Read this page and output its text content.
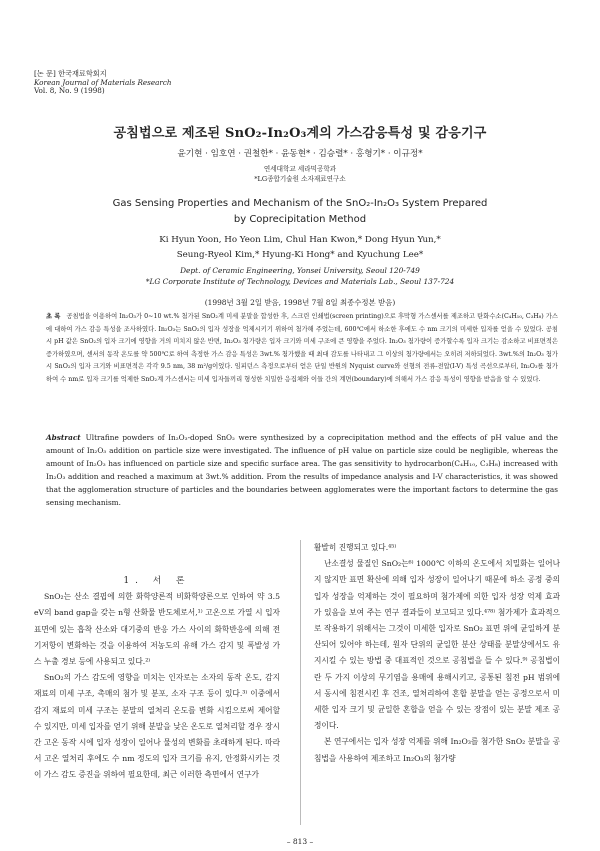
[논 문] 한국재료학회지
Korean Journal of Materials Research
Vol. 8, No. 9 (1998)
공침법으로 제조된 SnO₂-In₂O₃계의 가스감응특성 및 감응기구
윤기현 · 임호연 · 권철한* · 윤동현* · 김승렬* · 홍형기* · 이규정*
연세대학교 세라믹공학과
*LG종합기술원 소자재료연구소
Gas Sensing Properties and Mechanism of the SnO₂-In₂O₃ System Prepared
by Coprecipitation Method
Ki Hyun Yoon, Ho Yeon Lim, Chul Han Kwon,* Dong Hyun Yun,*
Seung-Ryeol Kim,* Hyung-Ki Hong* and Kyuchung Lee*
Dept. of Ceramic Engineering, Yonsei University, Seoul 120-749
*LG Corporate Institute of Technology, Devices and Materials Lab., Seoul 137-724
(1998년 3월 2일 받음, 1998년 7월 8일 최종수정본 받음)
초 록 공침법을 이용하여 In₂O₃가 0~10 wt.% 첨가된 SnO₂계 미세 분말을 합성한 후, 스크린 인쇄법(screen printing)으로 후막형 가스센서를 제조하고 탄화수소(C₄H₁₀, C₃H₈) 가스에 대하여 가스 감응 특성을 조사하였다. In₂O₃는 SnO₂의 입자 성장을 억제시키기 위하여 첨가해 주었는데, 600℃에서 하소한 후에도 수 nm 크기의 미세한 입자를 얻을 수 있었다. 공침시 pH 값은 SnO₂의 입자 크기에 영향을 거의 미치지 않은 반면, In₂O₃ 첨가량은 입자 크기와 미세 구조에 큰 영향을 주었다. In₂O₃ 첨가량이 증가할수록 입자 크기는 감소하고 비표면적은 증가하였으며, 센서의 동작 온도를 약 500℃로 하여 측정한 가스 감응 특성은 3wt.% 첨가했을 때 최대 감도를 나타내고 그 이상의 첨가량에서는 오히려 저하되었다. 3wt.%의 In₂O₃ 첨가시 SnO₂의 입자 크기와 비표면적은 각각 9.5 nm, 38 m²/g이었다. 임피던스 측정으로부터 얻은 단일 반원의 Nyquist curve와 선형의 전류-전압(I-V) 특성 곡선으로부터, In₂O₃를 첨가하여 수 nm로 입자 크기를 억제한 SnO₂계 가스센서는 미세 입자들끼리 형성한 치밀한 응집체와 이들 간의 계면(boundary)에 의해서 가스 감응 특성이 영향을 받음을 알 수 있었다.
Abstract Ultrafine powders of In₂O₃-doped SnO₂ were synthesized by a coprecipitation method and the effects of pH value and the amount of In₂O₃ addition on particle size were investigated. The influence of pH value on particle size could be negligible, whereas the amount of In₂O₃ has influenced on particle size and specific surface area. The gas sensitivity to hydrocarbon(C₄H₁₀, C₃H₈) increased with In₂O₃ addition and reached a maximum at 3wt.% addition. From the results of impedance analysis and I-V characteristics, it was showed that the agglomeration structure of particles and the boundaries between agglomerates were the important factors to determine the gas sensing mechanism.

1. 서 론

SnO₂는 산소 결핍에 의한 화학양론적 비화학양론으로 인하여 약 3.5 eV의 band gap을 갖는 n형 산화물 반도체로서,¹⁾ 고온으로 가열 시 입자 표면에 있는 흡착 산소와 대기중의 반응 가스 사이의 화학반응에 의해 전기저항이 변화하는 것을 이용하여 저농도의 유해 가스 감지 및 폭발성 가스 누출 경보 등에 사용되고 있다.²⁾

SnO₂의 가스 감도에 영향을 미치는 인자로는 소자의 동작 온도, 감지 재료의 미세 구조, 촉매의 첨가 및 분포, 소자 구조 등이 있다.³⁾ 이중에서 감지 재료의 미세 구조는 분말의 열처리 온도를 변화 시킴으로써 제어할 수 있지만, 미세 입자를 얻기 위해 분말을 낮은 온도로 열처리할 경우 장시간 고온 동작 시에 입자 성장이 일어나 물성의 변화를 초래하게 된다. 따라서 고온 열처리 후에도 수 nm 정도의 입자 크기를 유지, 안정화시키는 것이 가스 감도 증진을 위하여 필요한데, 최근 이러한 측면에서 연구가

활발히 진행되고 있다.⁴⁵⁾

난소결성 물질인 SnO₂는⁶⁾ 1000℃ 이하의 온도에서 치밀화는 일어나지 않지만 표면 확산에 의해 입자 성장이 일어나기 때문에 하소 공정 중의 입자 성장을 억제하는 것이 필요하며 첨가제에 의한 입자 성장 억제 효과가 있음을 보여 주는 연구 결과들이 보고되고 있다.⁴⁷⁸⁾ 첨가제가 효과적으로 작용하기 위해서는 그것이 미세한 입자로 SnO₂ 표면 위에 균일하게 분산되어 있어야 하는데, 원자 단위의 균일한 분산 상태를 분말상에서도 유지시킬 수 있는 방법 중 대표적인 것으로 공침법을 들 수 있다.⁹⁾ 공침법이란 두 가지 이상의 무기염을 용매에 용해시키고, 공통된 침전 pH 범위에서 동시에 침전시킨 후 건조, 열처리하여 혼합 분말을 얻는 공정으로서 미세한 입자 크기 및 균일한 혼합을 얻을 수 있는 장점이 있는 분말 제조 공정이다.

본 연구에서는 입자 성장 억제를 위해 In₂O₃를 첨가한 SnO₂ 분말을 공침법을 사용하여 제조하고 In₂O₃의 첨가량

– 813 –
